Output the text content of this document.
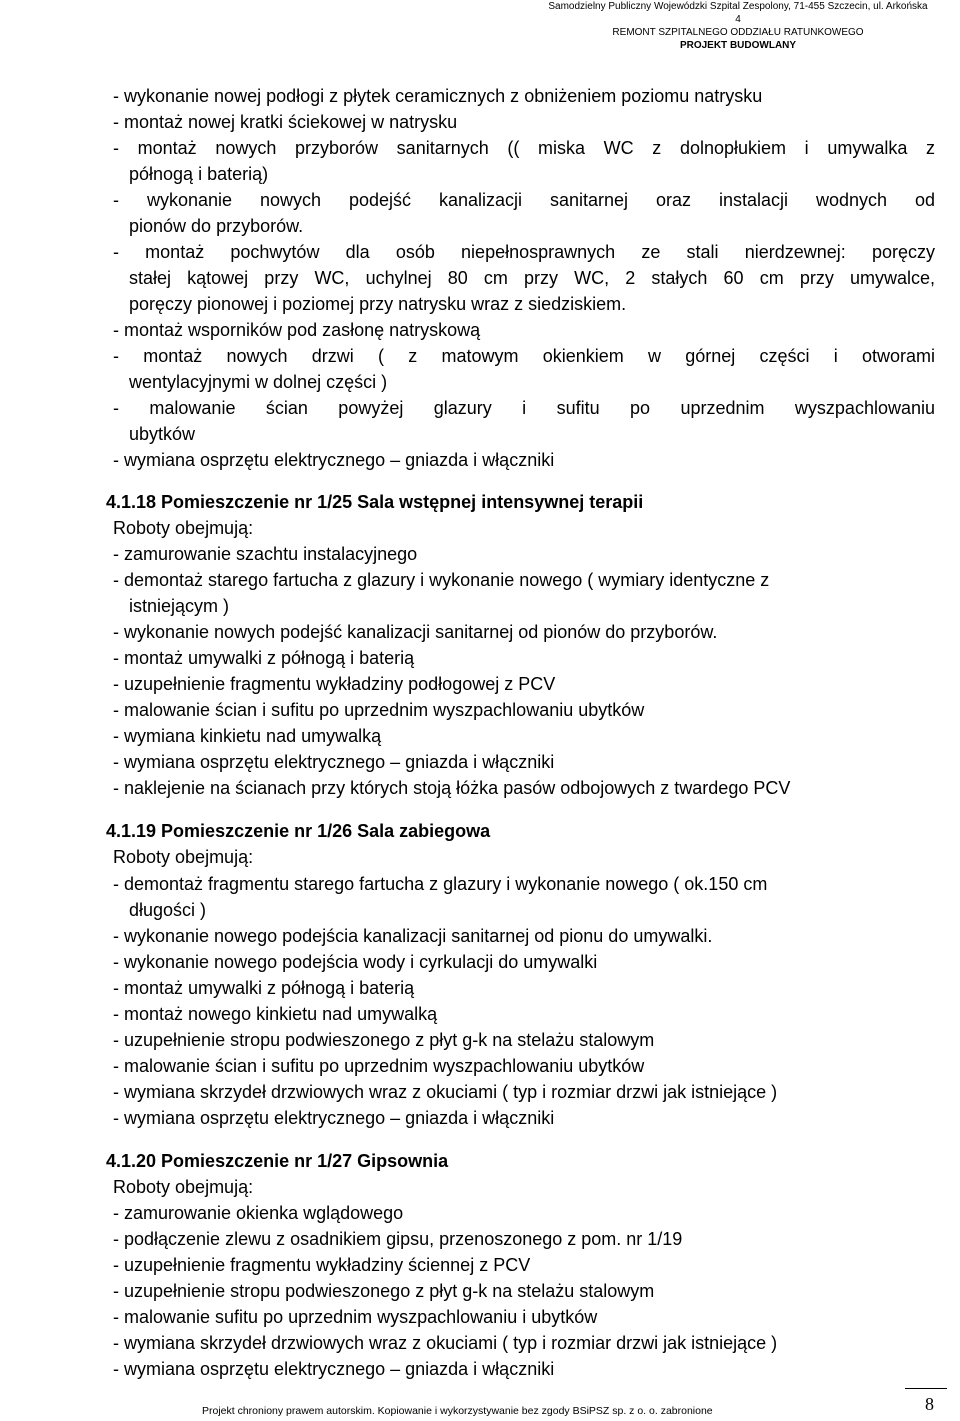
Samodzielny Publiczny Wojewódzki Szpital Zespolony, 71-455 Szczecin, ul. Arkońska 4
REMONT SZPITALNEGO ODDZIAŁU RATUNKOWEGO
PROJEKT BUDOWLANY
- wykonanie nowej podłogi z płytek ceramicznych z obniżeniem poziomu natrysku
- montaż nowej kratki ściekowej w natrysku
- montaż nowych przyborów sanitarnych (( miska WC z dolnopłukiem i umywalka z
półnogą i baterią)
- wykonanie nowych podejść kanalizacji sanitarnej oraz instalacji wodnych od
pionów do przyborów.
- montaż pochwytów dla osób niepełnosprawnych ze stali nierdzewnej: poręczy
stałej kątowej przy WC, uchylnej 80 cm przy WC, 2 stałych 60 cm przy umywalce,
poręczy pionowej i poziomej przy natrysku wraz z siedziskiem.
- montaż wsporników pod zasłonę natryskową
- montaż nowych drzwi ( z matowym okienkiem w górnej części i otworami
wentylacyjnymi w dolnej części )
- malowanie ścian powyżej glazury i sufitu po uprzednim wyszpachlowaniu
ubytków
- wymiana osprzętu elektrycznego – gniazda i włączniki
4.1.18 Pomieszczenie nr 1/25 Sala wstępnej intensywnej terapii
Roboty obejmują:
- zamurowanie szachtu instalacyjnego
- demontaż starego fartucha z glazury i wykonanie nowego ( wymiary identyczne z
istniejącym )
- wykonanie nowych podejść kanalizacji sanitarnej od pionów do przyborów.
- montaż umywalki z półnogą i baterią
- uzupełnienie fragmentu wykładziny podłogowej z PCV
- malowanie ścian i sufitu po uprzednim wyszpachlowaniu ubytków
- wymiana kinkietu nad umywalką
- wymiana osprzętu elektrycznego – gniazda i włączniki
- naklejenie na ścianach przy których stoją łóżka pasów odbojowych z twardego PCV
4.1.19 Pomieszczenie nr 1/26 Sala zabiegowa
Roboty obejmują:
- demontaż fragmentu starego fartucha z glazury i wykonanie nowego ( ok.150 cm
długości )
- wykonanie nowego podejścia kanalizacji sanitarnej od pionu do umywalki.
- wykonanie nowego podejścia wody i cyrkulacji do umywalki
- montaż umywalki z półnogą i baterią
- montaż nowego kinkietu nad umywalką
- uzupełnienie stropu podwieszonego z płyt g-k na stelażu stalowym
- malowanie ścian i sufitu po uprzednim wyszpachlowaniu ubytków
- wymiana skrzydeł drzwiowych wraz z okuciami ( typ i rozmiar drzwi jak istniejące )
- wymiana osprzętu elektrycznego – gniazda i włączniki
4.1.20 Pomieszczenie nr 1/27 Gipsownia
Roboty obejmują:
- zamurowanie okienka wglądowego
- podłączenie zlewu z osadnikiem gipsu, przenoszonego z pom. nr 1/19
- uzupełnienie fragmentu wykładziny ściennej z PCV
- uzupełnienie stropu podwieszonego z płyt g-k na stelażu stalowym
- malowanie sufitu po uprzednim wyszpachlowaniu i ubytków
- wymiana skrzydeł drzwiowych wraz z okuciami ( typ i rozmiar drzwi jak istniejące )
- wymiana osprzętu elektrycznego – gniazda i włączniki
Projekt chroniony prawem autorskim. Kopiowanie i wykorzystywanie bez zgody BSiPSZ sp. z o. o. zabronione	8
